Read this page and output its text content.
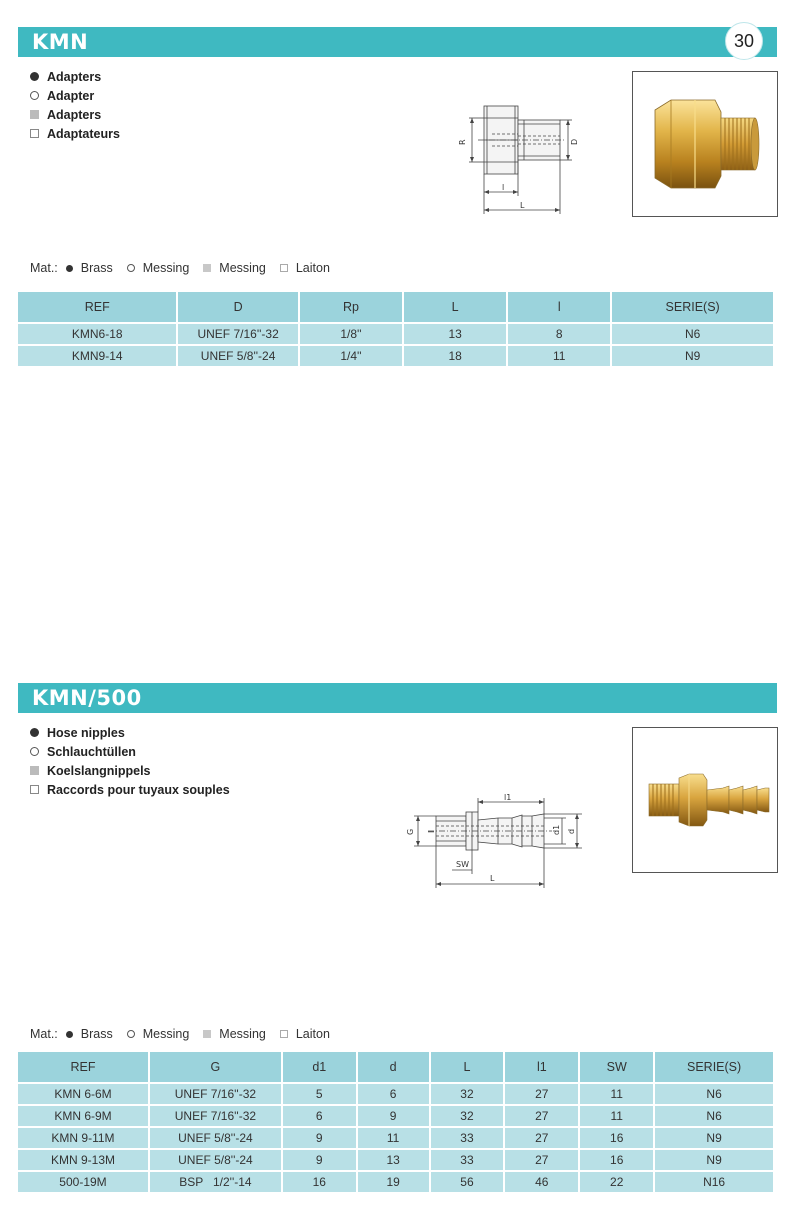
KMN	30
Adapters
Adapter
Adapters
Adaptateurs
R	D
l
L
Mat.: Brass Messing Messing Laiton
REF	D	Rp	L	l	SERIE(S)
KMN6-18	UNEF 7/16''-32	1/8''	13	8	N6
KMN9-14	UNEF 5/8''-24	1/4''	18	11	N9
KMN/500
Hose nipples
Schlauchtüllen
Koelslangnippels
Raccords pour tuyaux souples
G l
l1
d1 d
SW
L
Mat.: Brass Messing Messing Laiton
REF	G	d1	d	L	l1	SW	SERIE(S)
KMN 6-6M	UNEF 7/16''-32	5	6	32	27	11	N6
KMN 6-9M	UNEF 7/16''-32	6	9	32	27	11	N6
KMN 9-11M	UNEF 5/8''-24	9	11	33	27	16	N9
KMN 9-13M	UNEF 5/8''-24	9	13	33	27	16	N9
500-19M	BSP   1/2''-14	16	19	56	46	22	N16
